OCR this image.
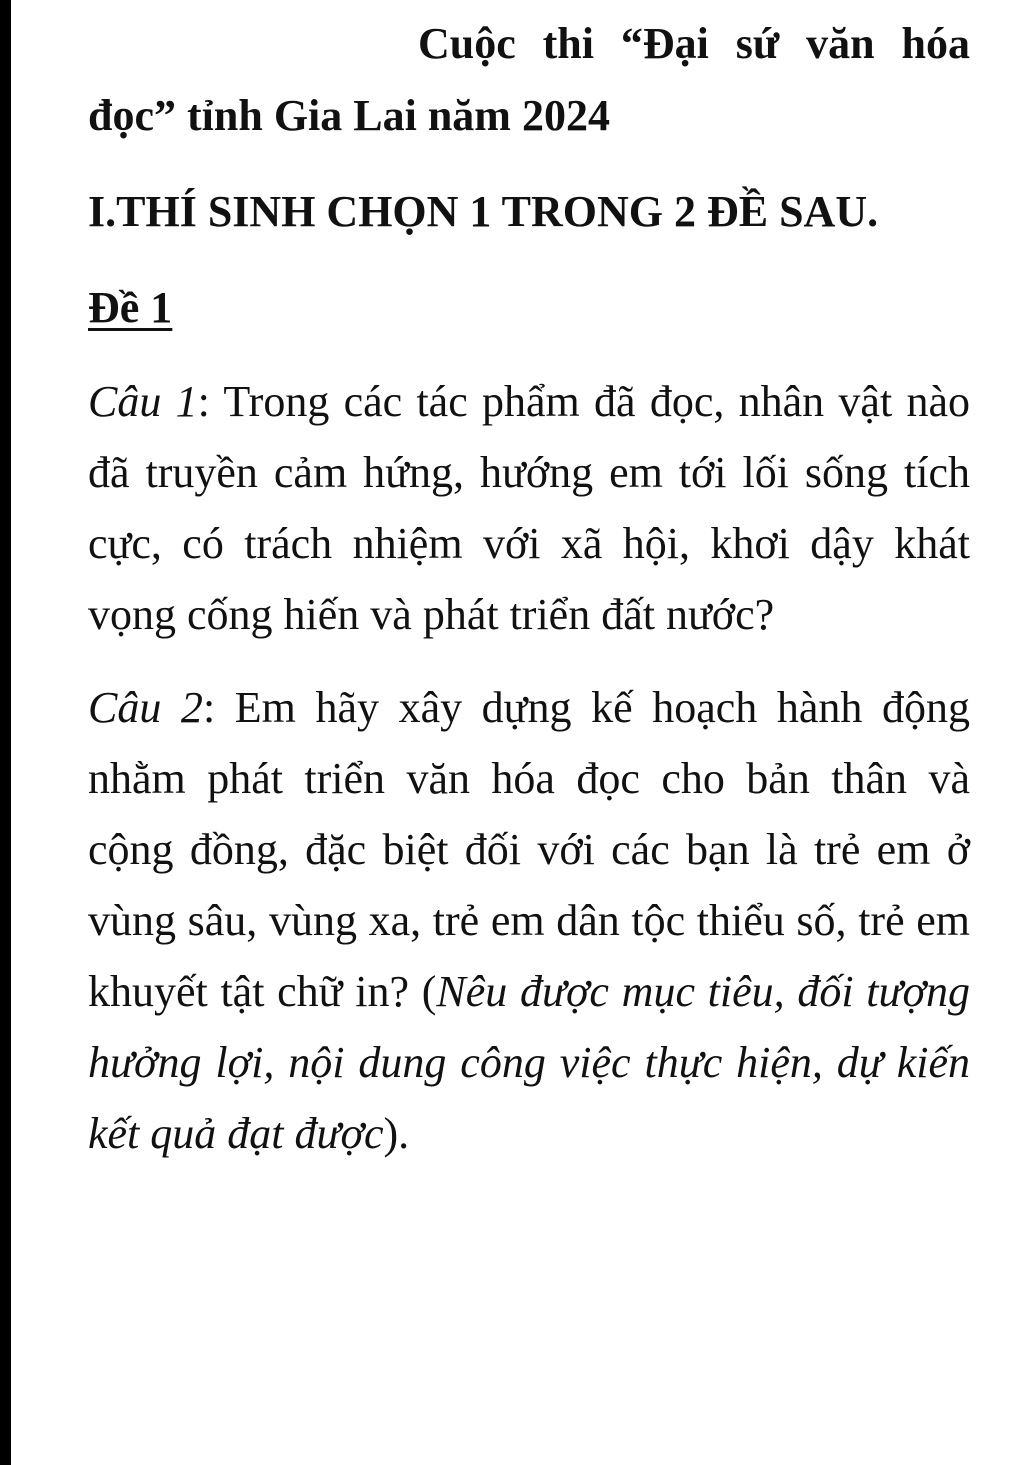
Cuộc thi “Đại sứ văn hóa đọc” tỉnh Gia Lai năm 2024

I.THÍ SINH CHỌN 1 TRONG 2 ĐỀ SAU.

Đề 1

Câu 1: Trong các tác phẩm đã đọc, nhân vật nào đã truyền cảm hứng, hướng em tới lối sống tích cực, có trách nhiệm với xã hội, khơi dậy khát vọng cống hiến và phát triển đất nước?

Câu 2: Em hãy xây dựng kế hoạch hành động nhằm phát triển văn hóa đọc cho bản thân và cộng đồng, đặc biệt đối với các bạn là trẻ em ở vùng sâu, vùng xa, trẻ em dân tộc thiểu số, trẻ em khuyết tật chữ in? (Nêu được mục tiêu, đối tượng hưởng lợi, nội dung công việc thực hiện, dự kiến kết quả đạt được).
